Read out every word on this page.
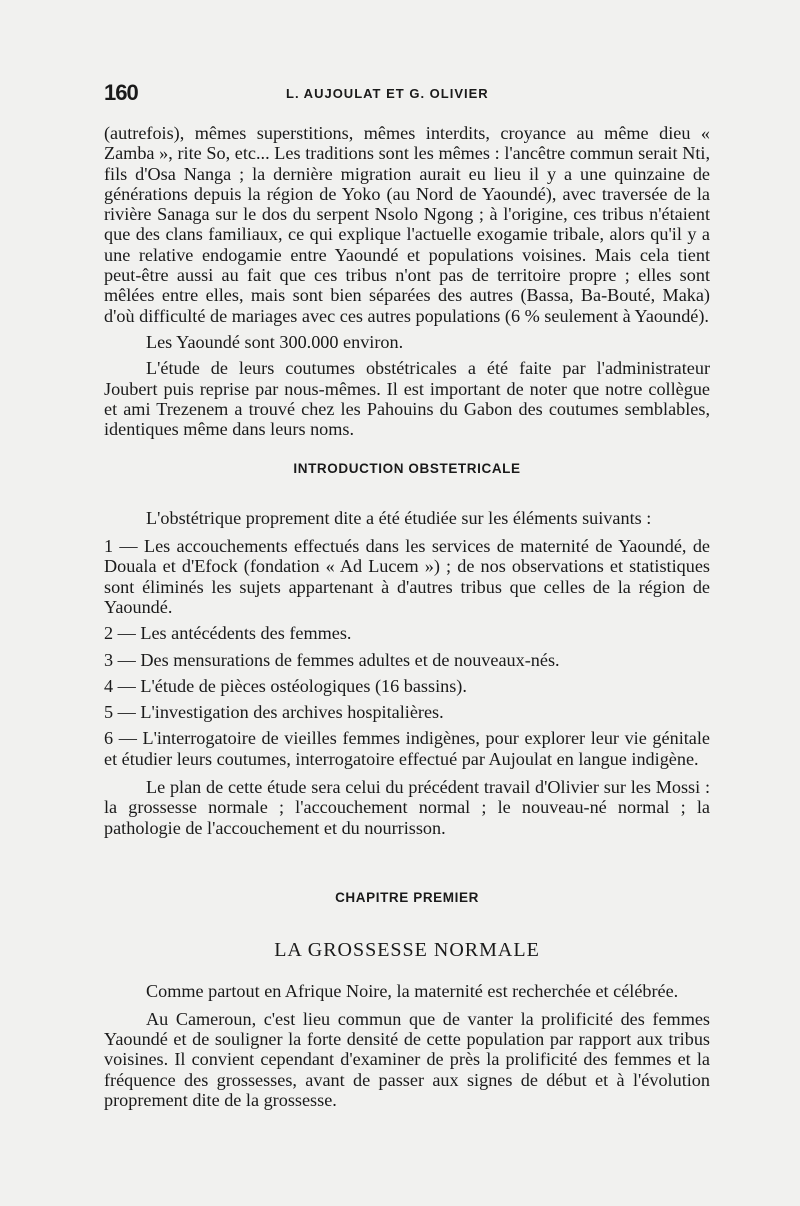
160	L. AUJOULAT ET G. OLIVIER

(autrefois), mêmes superstitions, mêmes interdits, croyance au même dieu « Zamba », rite So, etc... Les traditions sont les mêmes : l'ancêtre commun serait Nti, fils d'Osa Nanga ; la dernière migration aurait eu lieu il y a une quinzaine de générations depuis la région de Yoko (au Nord de Yaoundé), avec traversée de la rivière Sanaga sur le dos du serpent Nsolo Ngong ; à l'origine, ces tribus n'étaient que des clans familiaux, ce qui explique l'actuelle exogamie tribale, alors qu'il y a une relative endogamie entre Yaoundé et populations voisines. Mais cela tient peut-être aussi au fait que ces tribus n'ont pas de territoire propre ; elles sont mêlées entre elles, mais sont bien séparées des autres (Bassa, Ba-Bouté, Maka) d'où difficulté de mariages avec ces autres populations (6 % seulement à Yaoundé).

Les Yaoundé sont 300.000 environ.

L'étude de leurs coutumes obstétricales a été faite par l'administrateur Joubert puis reprise par nous-mêmes. Il est important de noter que notre collègue et ami Trezenem a trouvé chez les Pahouins du Gabon des coutumes semblables, identiques même dans leurs noms.

INTRODUCTION OBSTETRICALE

L'obstétrique proprement dite a été étudiée sur les éléments suivants :

1 — Les accouchements effectués dans les services de maternité de Yaoundé, de Douala et d'Efock (fondation « Ad Lucem ») ; de nos observations et statistiques sont éliminés les sujets appartenant à d'autres tribus que celles de la région de Yaoundé.

2 — Les antécédents des femmes.

3 — Des mensurations de femmes adultes et de nouveaux-nés.

4 — L'étude de pièces ostéologiques (16 bassins).

5 — L'investigation des archives hospitalières.

6 — L'interrogatoire de vieilles femmes indigènes, pour explorer leur vie génitale et étudier leurs coutumes, interrogatoire effectué par Aujoulat en langue indigène.

Le plan de cette étude sera celui du précédent travail d'Olivier sur les Mossi : la grossesse normale ; l'accouchement normal ; le nouveau-né normal ; la pathologie de l'accouchement et du nourrisson.

CHAPITRE PREMIER
LA GROSSESSE NORMALE

Comme partout en Afrique Noire, la maternité est recherchée et célébrée.

Au Cameroun, c'est lieu commun que de vanter la prolificité des femmes Yaoundé et de souligner la forte densité de cette population par rapport aux tribus voisines. Il convient cependant d'examiner de près la prolificité des femmes et la fréquence des grossesses, avant de passer aux signes de début et à l'évolution proprement dite de la grossesse.
